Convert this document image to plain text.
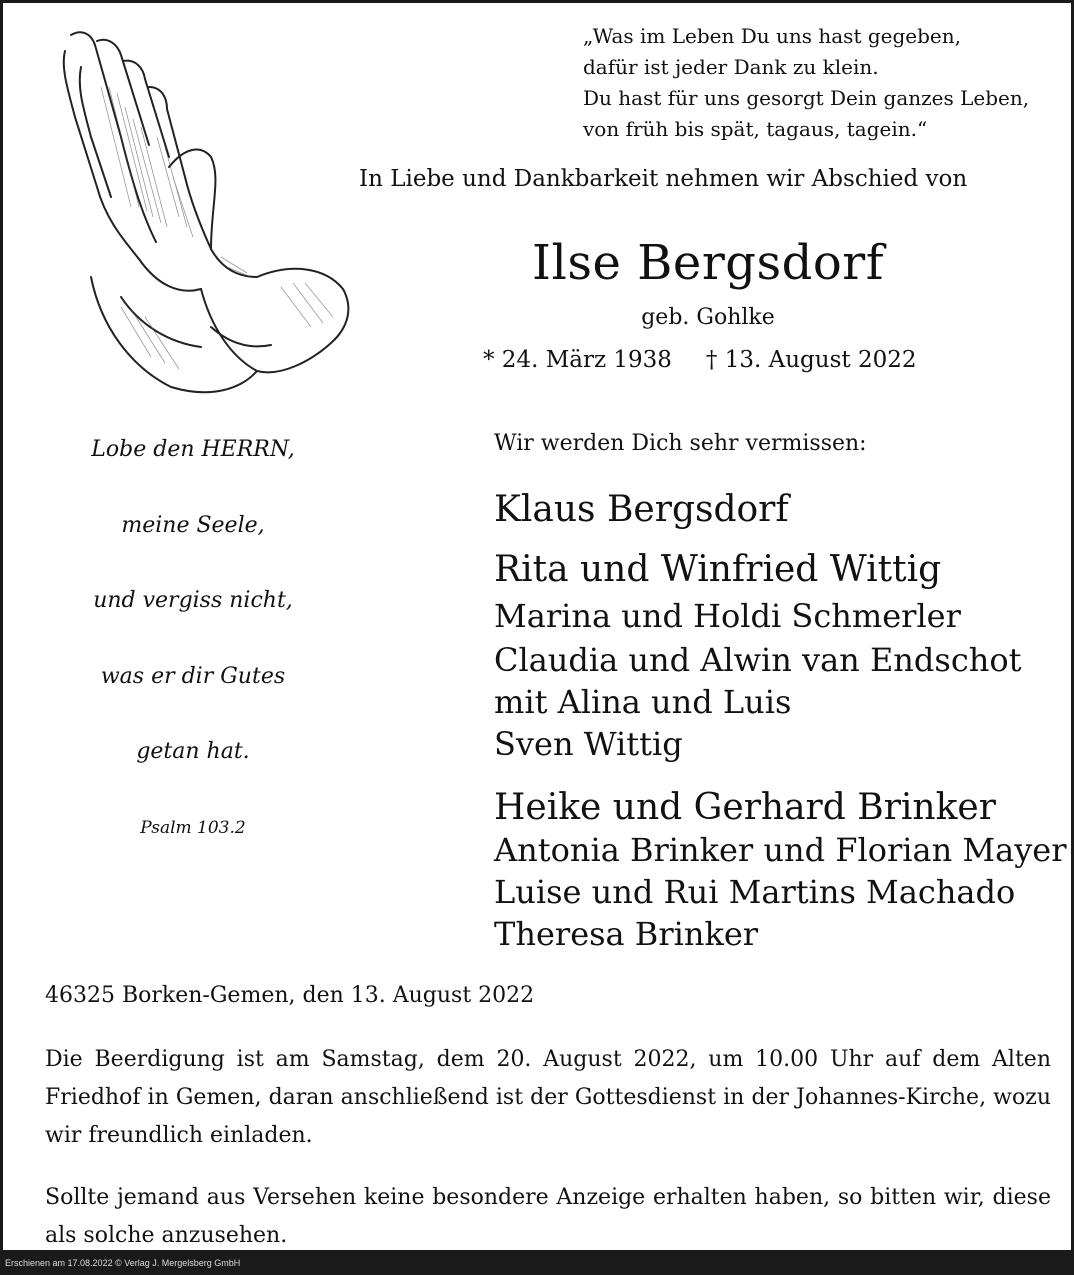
„Was im Leben Du uns hast gegeben,
dafür ist jeder Dank zu klein.
Du hast für uns gesorgt Dein ganzes Leben,
von früh bis spät, tagaus, tagein.“
In Liebe und Dankbarkeit nehmen wir Abschied von
Ilse Bergsdorf
geb. Gohlke
* 24. März 1938 † 13. August 2022
Lobe den HERRN,
meine Seele,
und vergiss nicht,
was er dir Gutes
getan hat.
Psalm 103.2
Wir werden Dich sehr vermissen:
Klaus Bergsdorf
Rita und Winfried Wittig
Marina und Holdi Schmerler
Claudia und Alwin van Endschot
mit Alina und Luis
Sven Wittig
Heike und Gerhard Brinker
Antonia Brinker und Florian Mayer
Luise und Rui Martins Machado
Theresa Brinker
46325 Borken-Gemen, den 13. August 2022
Die Beerdigung ist am Samstag, dem 20. August 2022, um 10.00 Uhr auf dem Alten Friedhof in Gemen, daran anschließend ist der Gottesdienst in der Johannes-Kirche, wozu wir freundlich einladen.
Sollte jemand aus Versehen keine besondere Anzeige erhalten haben, so bitten wir, diese als solche anzusehen.
Erschienen am 17.08.2022 © Verlag J. Mergelsberg GmbH
